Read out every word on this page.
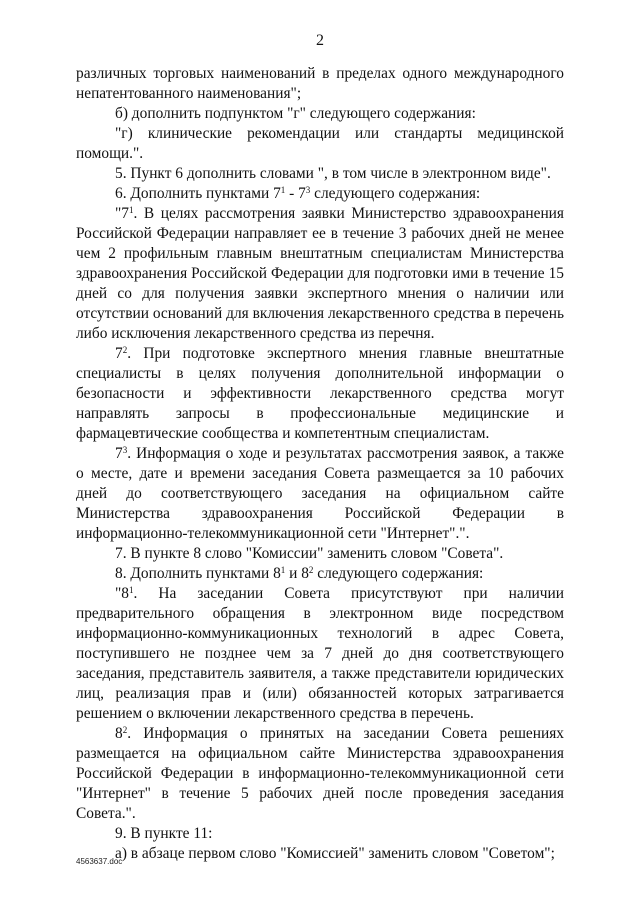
2

различных торговых наименований в пределах одного международного непатентованного наименования";

б) дополнить подпунктом "г" следующего содержания:

"г) клинические рекомендации или стандарты медицинской помощи.".

5. Пункт 6 дополнить словами ", в том числе в электронном виде".

6. Дополнить пунктами $7^1 - 7^3$ следующего содержания:

"$7^1$. В целях рассмотрения заявки Министерство здравоохранения Российской Федерации направляет ее в течение 3 рабочих дней не менее чем 2 профильным главным внештатным специалистам Министерства здравоохранения Российской Федерации для подготовки ими в течение 15 дней со для получения заявки экспертного мнения о наличии или отсутствии оснований для включения лекарственного средства в перечень либо исключения лекарственного средства из перечня.

$7^2$. При подготовке экспертного мнения главные внештатные специалисты в целях получения дополнительной информации о безопасности и эффективности лекарственного средства могут направлять запросы в профессиональные медицинские и фармацевтические сообщества и компетентным специалистам.

$7^3$. Информация о ходе и результатах рассмотрения заявок, а также о месте, дате и времени заседания Совета размещается за 10 рабочих дней до соответствующего заседания на официальном сайте Министерства здравоохранения Российской Федерации в информационно-телекоммуникационной сети "Интернет".".

7. В пункте 8 слово "Комиссии" заменить словом "Совета".

8. Дополнить пунктами $8^1$ и $8^2$ следующего содержания:

"$8^1$. На заседании Совета присутствуют при наличии предварительного обращения в электронном виде посредством информационно-коммуникационных технологий в адрес Совета, поступившего не позднее чем за 7 дней до дня соответствующего заседания, представитель заявителя, а также представители юридических лиц, реализация прав и (или) обязанностей которых затрагивается решением о включении лекарственного средства в перечень.

$8^2$. Информация о принятых на заседании Совета решениях размещается на официальном сайте Министерства здравоохранения Российской Федерации в информационно-телекоммуникационной сети "Интернет" в течение 5 рабочих дней после проведения заседания Совета.".

9. В пункте 11:

а) в абзаце первом слово "Комиссией" заменить словом "Советом";

4563637.doc
